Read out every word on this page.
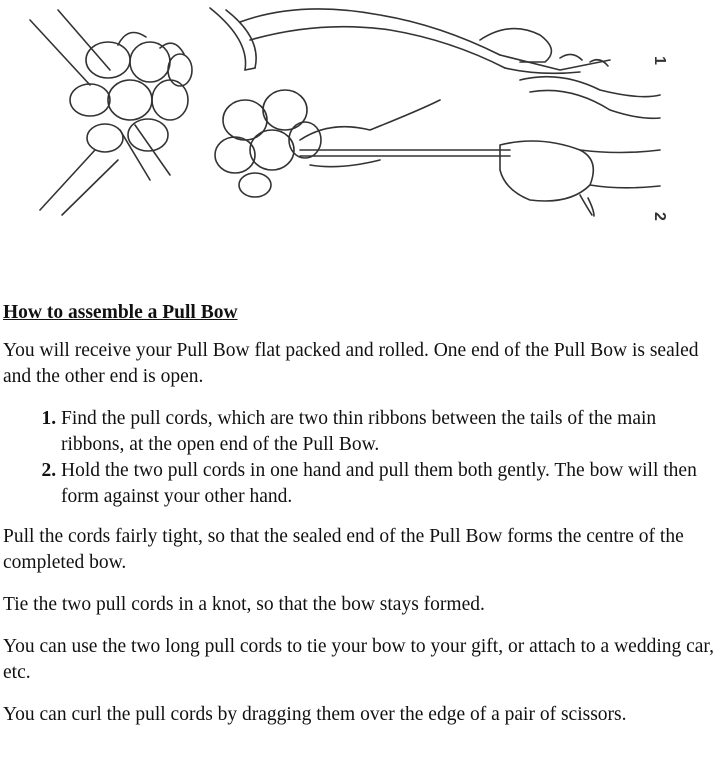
1
2
How to assemble a Pull Bow

You will receive your Pull Bow flat packed and rolled. One end of the Pull Bow is sealed and the other end is open.

1. Find the pull cords, which are two thin ribbons between the tails of the main ribbons, at the open end of the Pull Bow.
2. Hold the two pull cords in one hand and pull them both gently. The bow will then form against your other hand.

Pull the cords fairly tight, so that the sealed end of the Pull Bow forms the centre of the completed bow.

Tie the two pull cords in a knot, so that the bow stays formed.

You can use the two long pull cords to tie your bow to your gift, or attach to a wedding car, etc.

You can curl the pull cords by dragging them over the edge of a pair of scissors.
